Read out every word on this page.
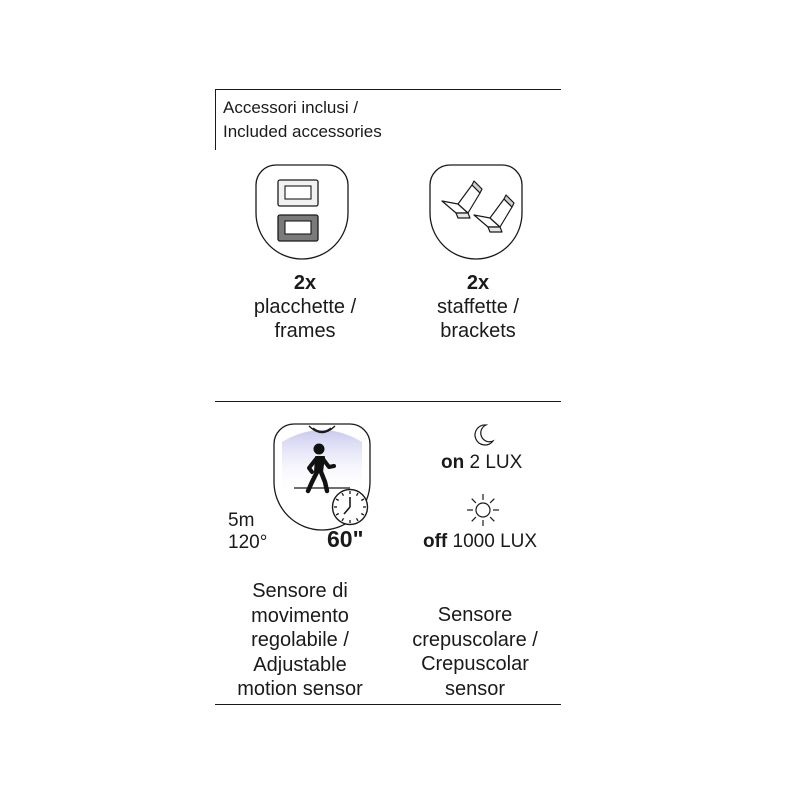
Accessori inclusi /
Included accessories
2x
placchette /
frames
2x
staffette /
brackets
5m
120°	60"
on 2 LUX
off 1000 LUX
Sensore di
movimento
regolabile /
Adjustable
motion sensor
Sensore
crepuscolare /
Crepuscolar
sensor
